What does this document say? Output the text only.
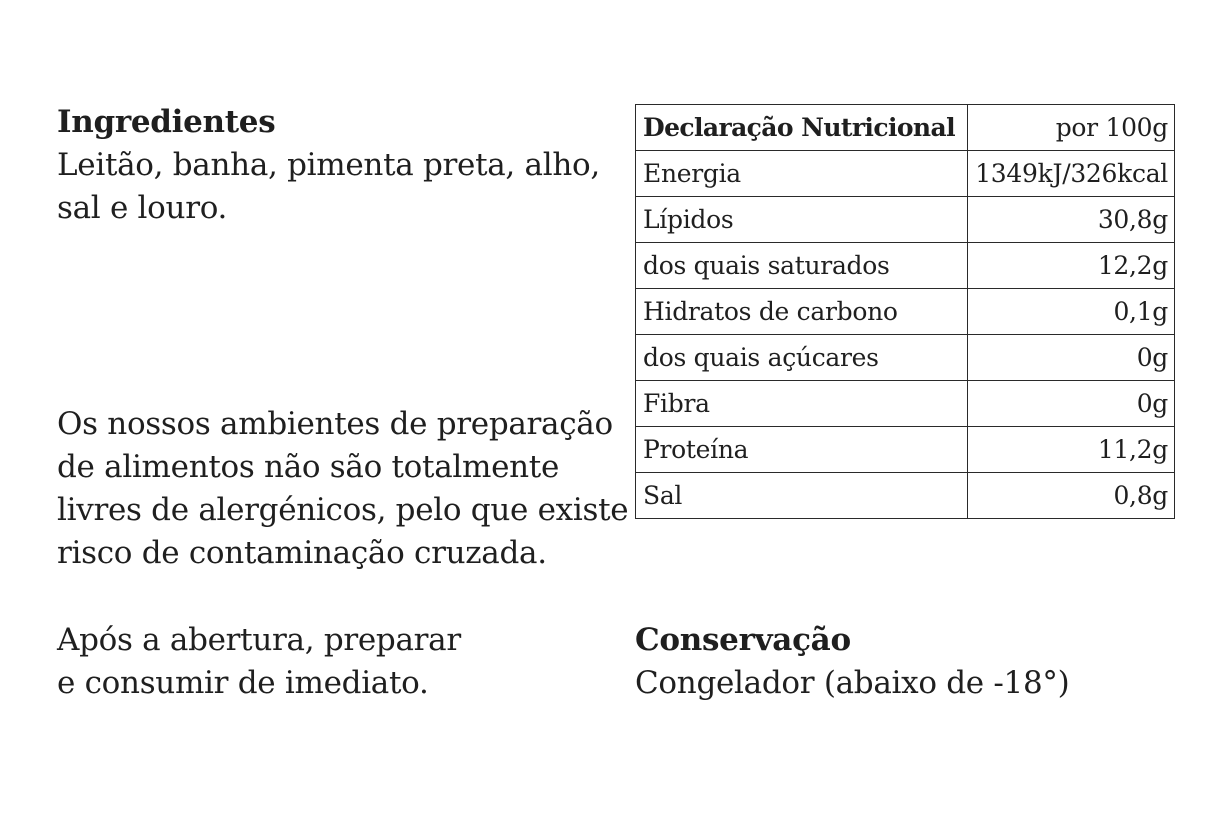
Ingredientes
Leitão, banha, pimenta preta, alho,
sal e louro.
Os nossos ambientes de preparação
de alimentos não são totalmente
livres de alergénicos, pelo que existe
risco de contaminação cruzada.
Após a abertura, preparar
e consumir de imediato.
Conservação
Congelador (abaixo de -18°)
Declaração Nutricional	por 100g
Energia	1349kJ/326kcal
Lípidos	30,8g
dos quais saturados	12,2g
Hidratos de carbono	0,1g
dos quais açúcares	0g
Fibra	0g
Proteína	11,2g
Sal	0,8g
